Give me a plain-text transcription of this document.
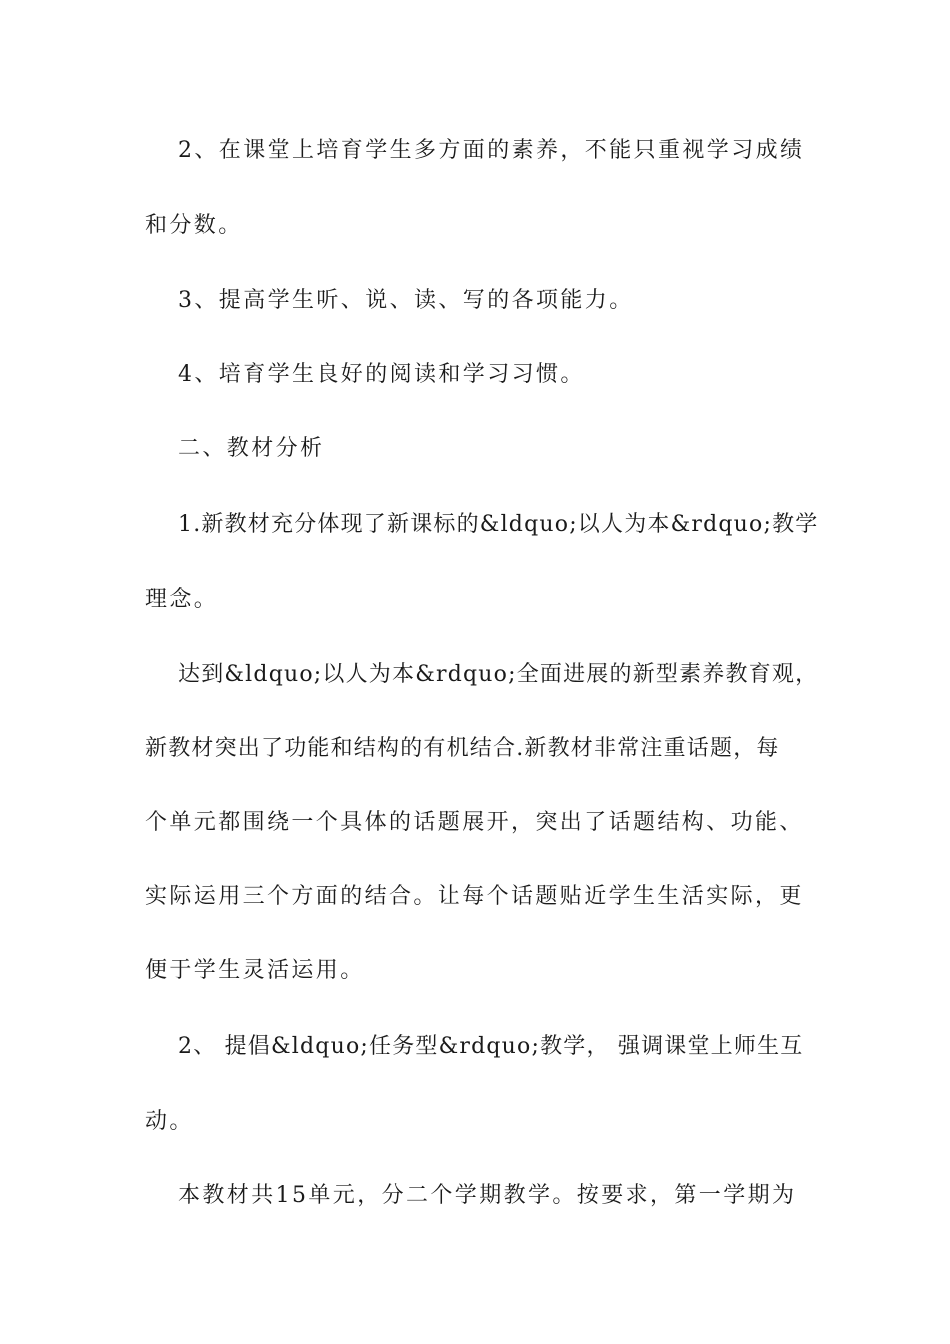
2、在课堂上培育学生多方面的素养，不能只重视学习成绩
和分数。
3、提高学生听、说、读、写的各项能力。
4、培育学生良好的阅读和学习习惯。
二、教材分析
1.新教材充分体现了新课标的&ldquo;以人为本&rdquo;教学
理念。
达到&ldquo;以人为本&rdquo;全面进展的新型素养教育观，
新教材突出了功能和结构的有机结合.新教材非常注重话题，每
个单元都围绕一个具体的话题展开，突出了话题结构、功能、
实际运用三个方面的结合。让每个话题贴近学生生活实际，更
便于学生灵活运用。
2、 提倡&ldquo;任务型&rdquo;教学， 强调课堂上师生互
动。
本教材共15单元，分二个学期教学。按要求，第一学期为
